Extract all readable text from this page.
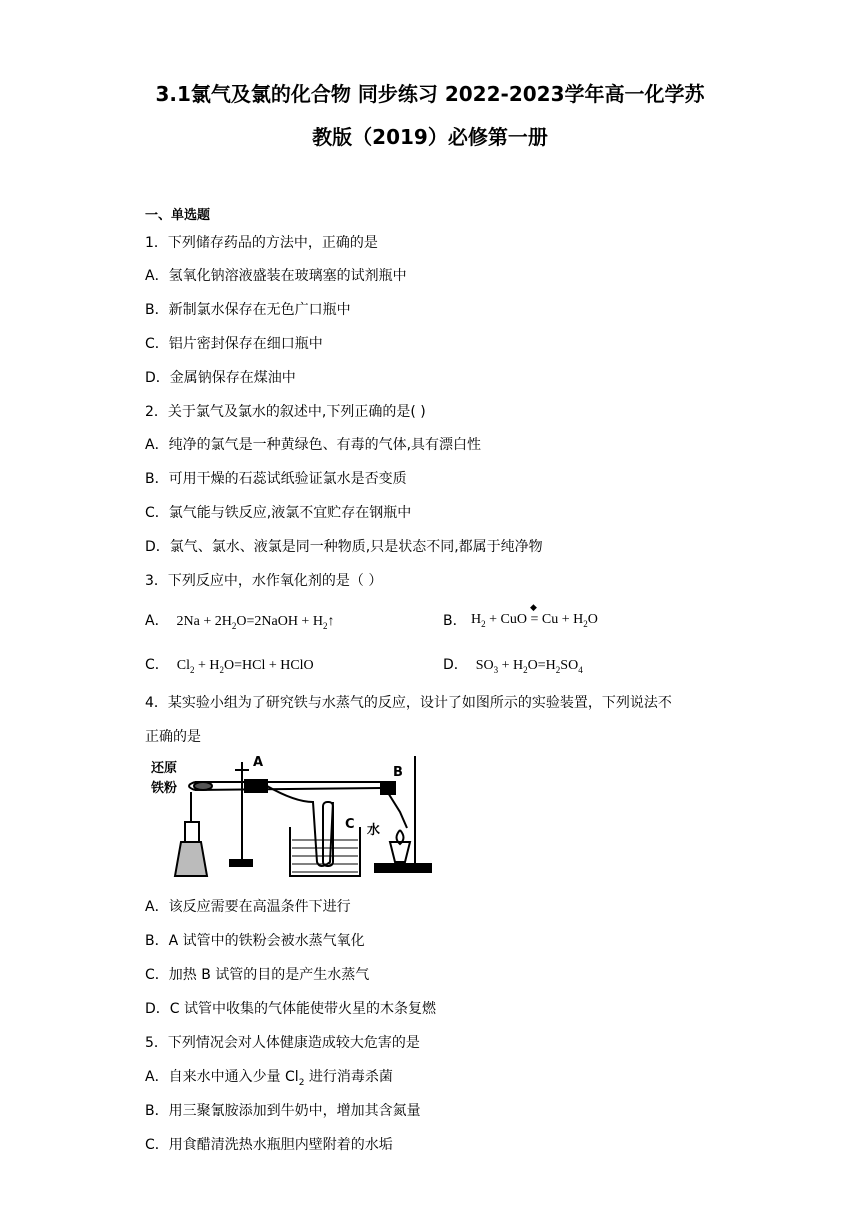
3.1氯气及氯的化合物 同步练习 2022-2023学年高一化学苏
教版（2019）必修第一册
一、单选题
1．下列储存药品的方法中，正确的是
A．氢氧化钠溶液盛装在玻璃塞的试剂瓶中
B．新制氯水保存在无色广口瓶中
C．铝片密封保存在细口瓶中
D．金属钠保存在煤油中
2．关于氯气及氯水的叙述中,下列正确的是( )
A．纯净的氯气是一种黄绿色、有毒的气体,具有漂白性
B．可用干燥的石蕊试纸验证氯水是否变质
C．氯气能与铁反应,液氯不宜贮存在钢瓶中
D．氯气、氯水、液氯是同一种物质,只是状态不同,都属于纯净物
3．下列反应中，水作氧化剂的是（ ）
A．  $2Na + 2H_2O=2NaOH$ + $H_2↑$	B． $H_2$ + CuO
◆
= $Cu + H_2O$
C．  $Cl_2 + H_2O=HCl$ + HClO	D．  $SO_3 + H_2O=H_2SO_4$
4．某实验小组为了研究铁与水蒸气的反应，设计了如图所示的实验装置，下列说法不
正确的是
还原
铁粉
A
B
C 水
A．该反应需要在高温条件下进行
B．A 试管中的铁粉会被水蒸气氧化
C．加热 B 试管的目的是产生水蒸气
D．C 试管中收集的气体能使带火星的木条复燃
5．下列情况会对人体健康造成较大危害的是
A．自来水中通入少量 $Cl_2$ 进行消毒杀菌
B．用三聚氰胺添加到牛奶中，增加其含氮量
C．用食醋清洗热水瓶胆内壁附着的水垢
